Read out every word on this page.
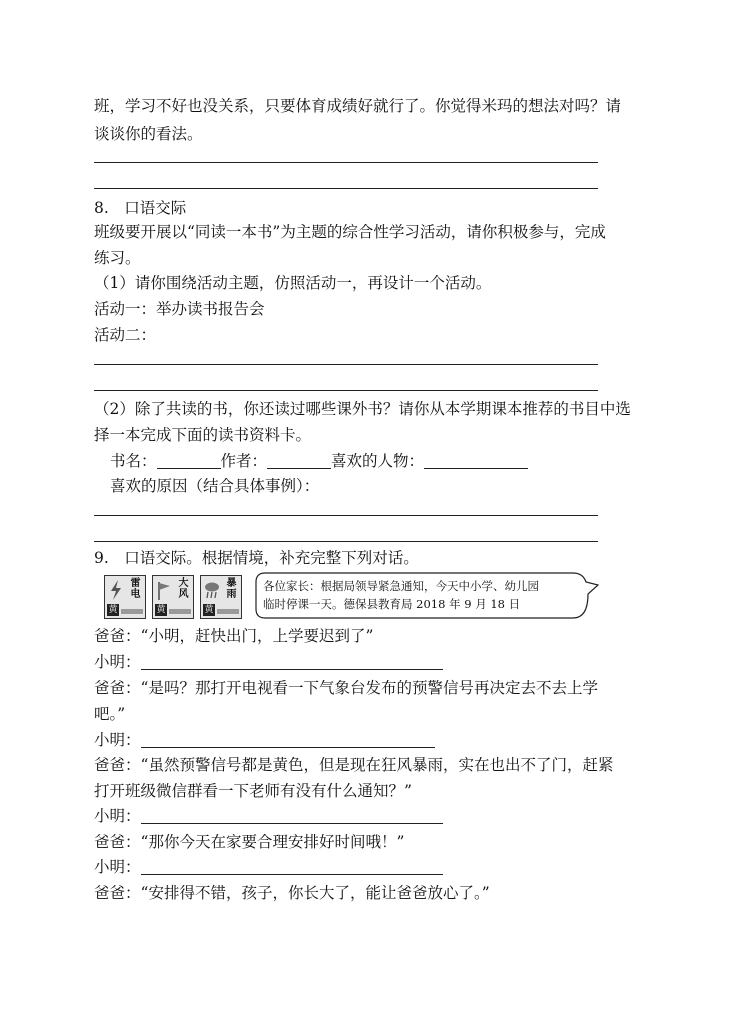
班，学习不好也没关系，只要体育成绩好就行了。你觉得米玛的想法对吗？请
谈谈你的看法。
8.　口语交际
班级要开展以“同读一本书”为主题的综合性学习活动，请你积极参与，完成
练习。
（1）请你围绕活动主题，仿照活动一，再设计一个活动。
活动一：举办读书报告会
活动二：
（2）除了共读的书，你还读过哪些课外书？请你从本学期课本推荐的书目中选
择一本完成下面的读书资料卡。
书名：	作者：	喜欢的人物：
喜欢的原因（结合具体事例）：
9.　口语交际。根据情境，补充完整下列对话。
雷电
黄
大风
黄
暴雨
黄
各位家长：根据局领导紧急通知，今天中小学、幼儿园
临时停课一天。德保县教育局 2018 年 9 月 18 日
爸爸：“小明，赶快出门，上学要迟到了”
小明：
爸爸：“是吗？那打开电视看一下气象台发布的预警信号再决定去不去上学
吧。”
小明：
爸爸：“虽然预警信号都是黄色，但是现在狂风暴雨，实在也出不了门，赶紧
打开班级微信群看一下老师有没有什么通知？”
小明：
爸爸：“那你今天在家要合理安排好时间哦！”
小明：
爸爸：“安排得不错，孩子，你长大了，能让爸爸放心了。”
